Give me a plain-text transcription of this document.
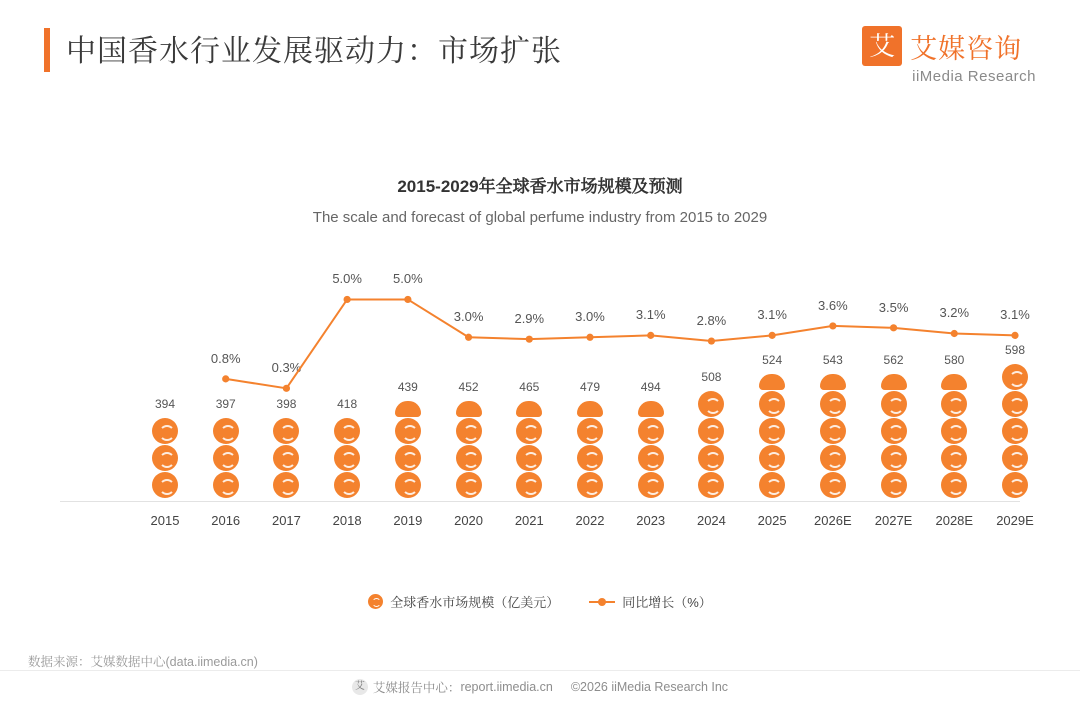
中国香水行业发展驱动力：市场扩张	艾 艾媒咨询
iiMedia Research
2015-2029年全球香水市场规模及预测
The scale and forecast of global perfume industry from 2015 to 2029
394
2015
0.8%
397
2016
0.3%
398
2017
5.0%
418
2018
5.0%
439
2019
3.0%
452
2020
2.9%
465
2021
3.0%
479
2022
3.1%
494
2023
2.8%
508
2024
3.1%
524
2025
3.6%
543
2026E
3.5%
562
2027E
3.2%
580
2028E
3.1%
598
2029E
全球香水市场规模（亿美元）	同比增长（%）
数据来源：艾媒数据中心(data.iimedia.cn)
艾 艾媒报告中心： report.iimedia.cn ©2026 iiMedia Research Inc
